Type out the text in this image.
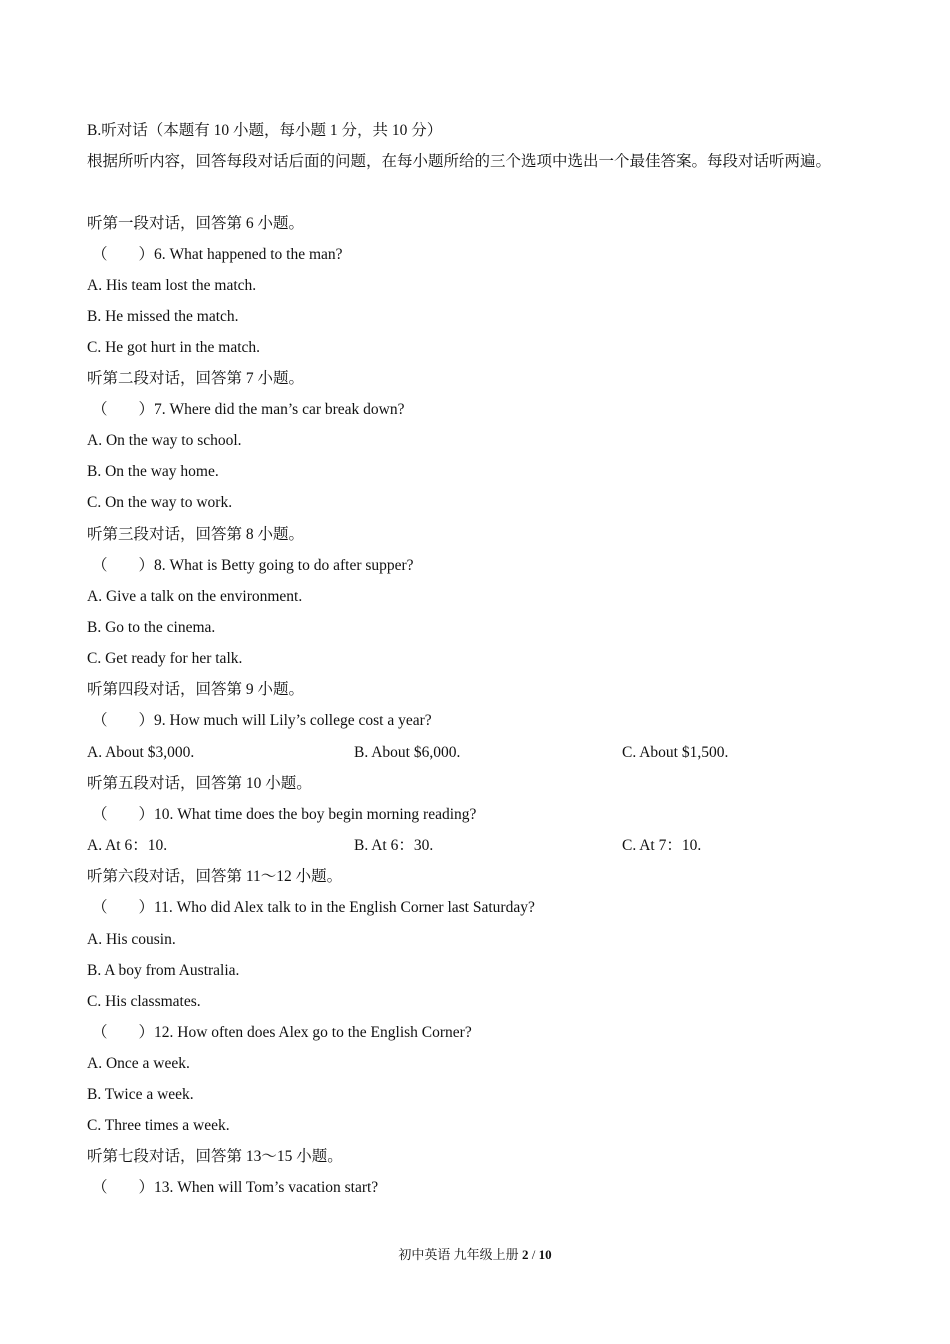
B.听对话（本题有 10 小题，每小题 1 分，共 10 分）
根据所听内容，回答每段对话后面的问题，在每小题所给的三个选项中选出一个最佳答案。每段对话听两遍。
听第一段对话，回答第 6 小题。
（　　）6. What happened to the man?
A. His team lost the match.
B. He missed the match.
C. He got hurt in the match.
听第二段对话，回答第 7 小题。
（　　）7. Where did the man’s car break down?
A. On the way to school.
B. On the way home.
C. On the way to work.
听第三段对话，回答第 8 小题。
（　　）8. What is Betty going to do after supper?
A. Give a talk on the environment.
B. Go to the cinema.
C. Get ready for her talk.
听第四段对话，回答第 9 小题。
（　　）9. How much will Lily’s college cost a year?
A. About $3,000.	B. About $6,000.	C. About $1,500.
听第五段对话，回答第 10 小题。
（　　）10. What time does the boy begin morning reading?
A. At 6：10.	B. At 6：30.	C. At 7：10.
听第六段对话，回答第 11～12 小题。
（　　）11. Who did Alex talk to in the English Corner last Saturday?
A. His cousin.
B. A boy from Australia.
C. His classmates.
（　　）12. How often does Alex go to the English Corner?
A. Once a week.
B. Twice a week.
C. Three times a week.
听第七段对话，回答第 13～15 小题。
（　　）13. When will Tom’s vacation start?
初中英语 九年级上册 2 / 10
